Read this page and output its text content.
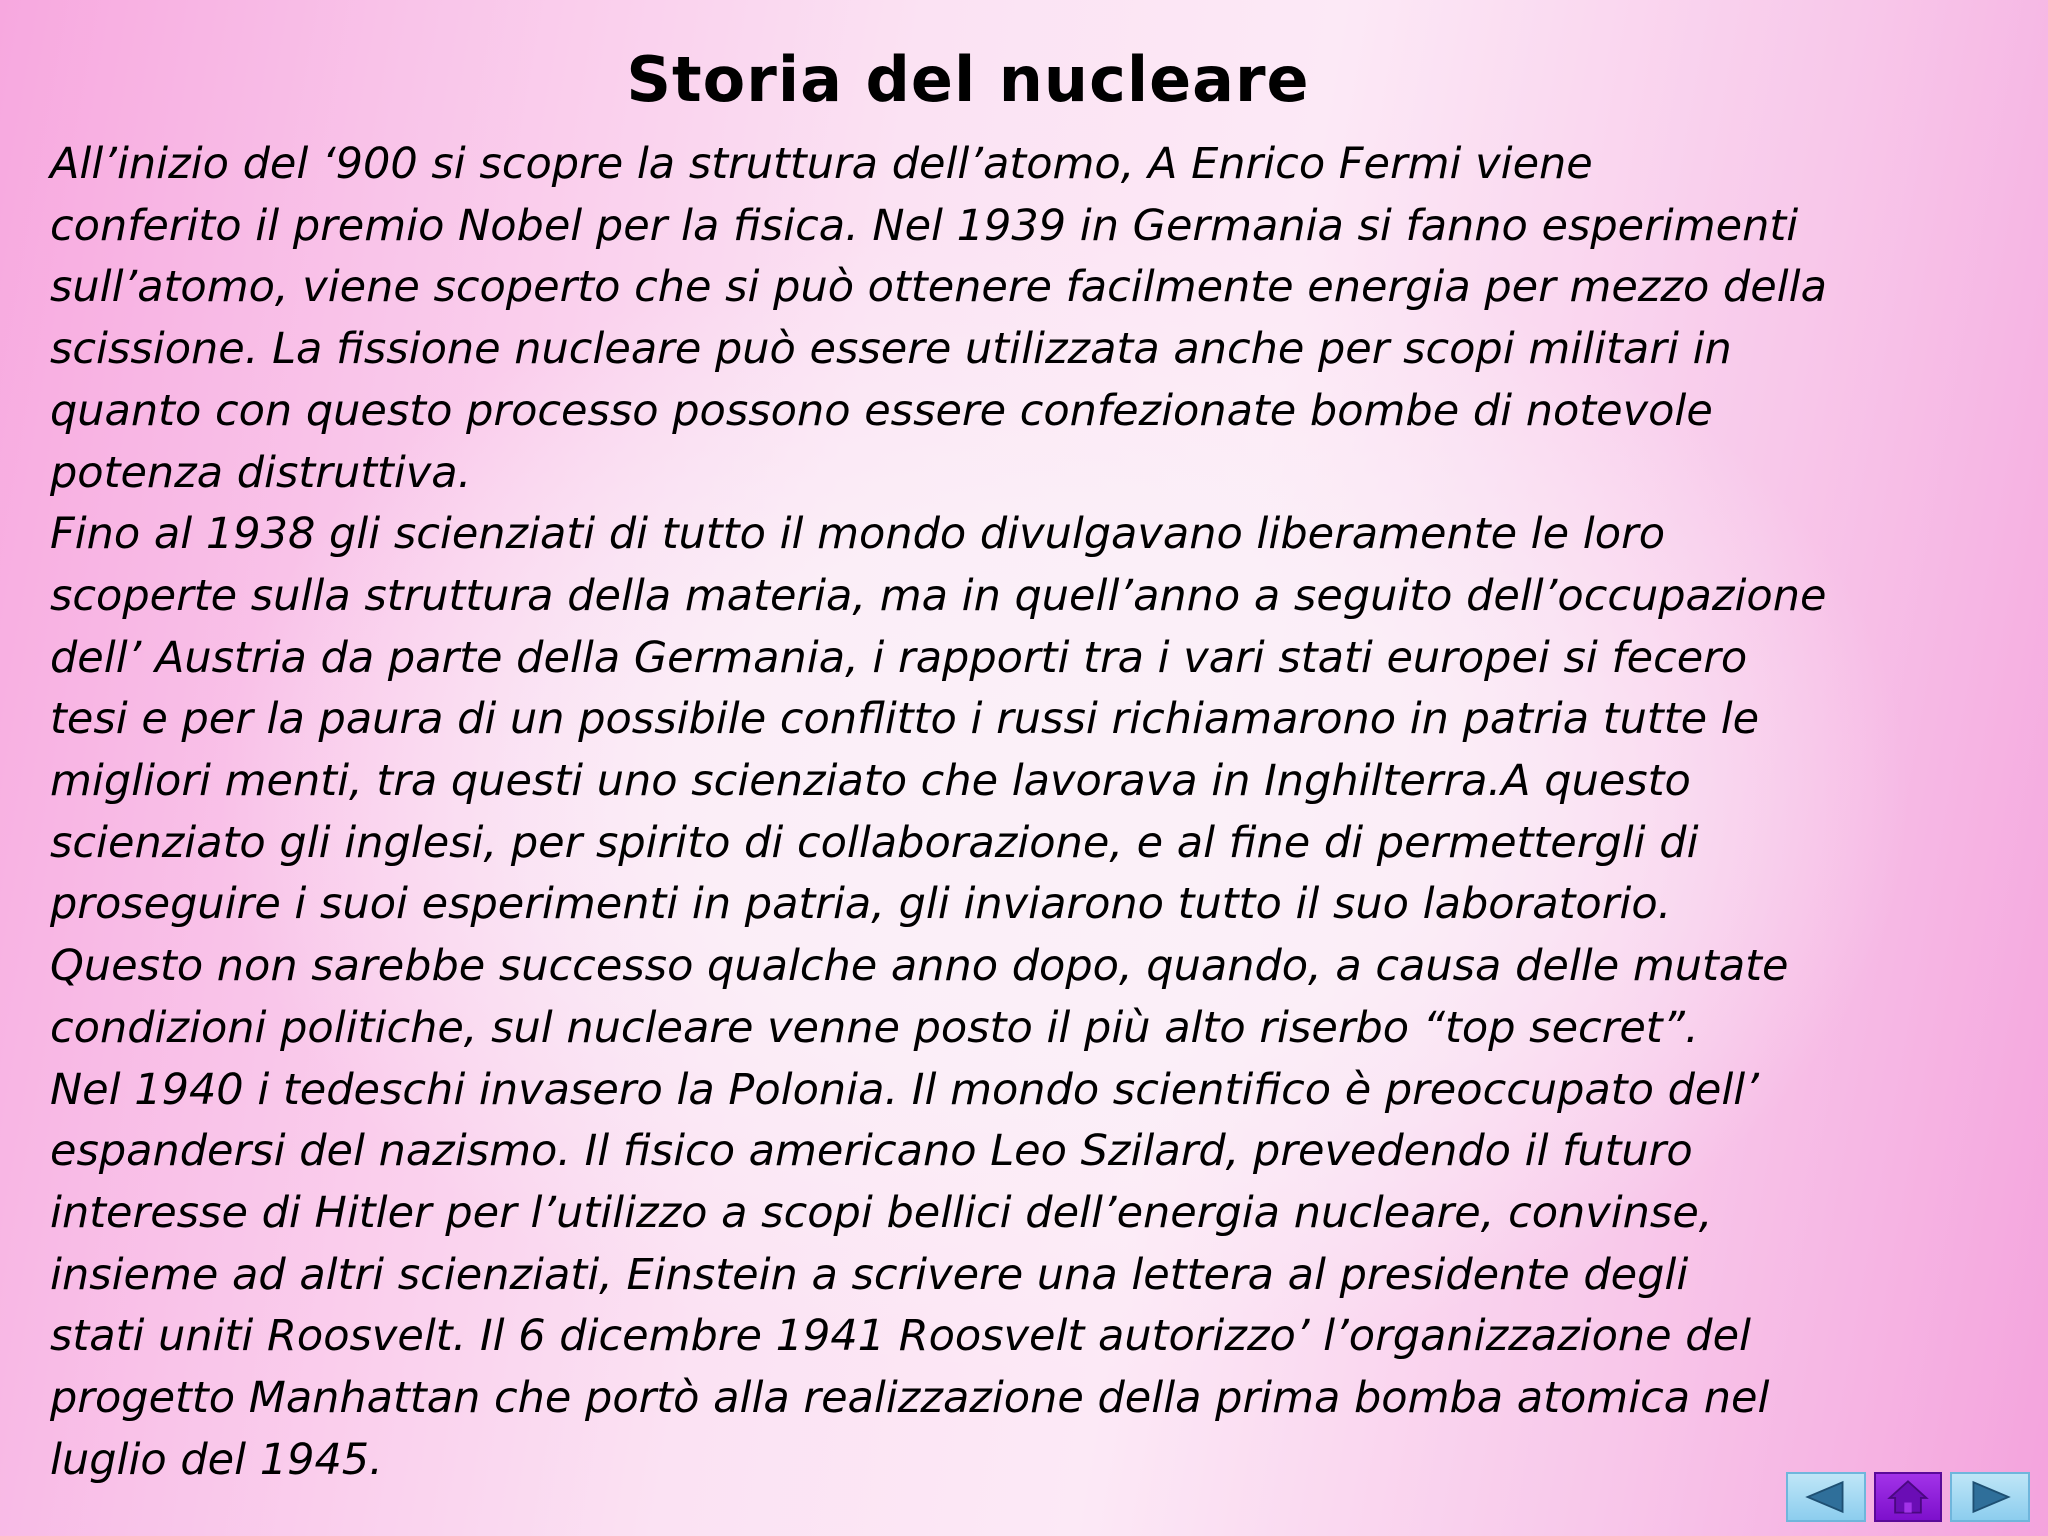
Storia del nucleare
All’inizio del ‘900 si scopre la struttura dell’atomo, A Enrico Fermi viene
conferito il premio Nobel per la fisica. Nel 1939 in Germania si fanno esperimenti
sull’atomo, viene scoperto che si può ottenere facilmente energia per mezzo della
scissione. La fissione nucleare può essere utilizzata anche per scopi militari in
quanto con questo processo possono essere confezionate bombe di notevole
potenza distruttiva.
Fino al 1938 gli scienziati di tutto il mondo divulgavano liberamente le loro
scoperte sulla struttura della materia, ma in quell’anno a seguito dell’occupazione
dell’ Austria da parte della Germania, i rapporti tra i vari stati europei si fecero
tesi e per la paura di un possibile conflitto i russi richiamarono in patria tutte le
migliori menti, tra questi uno scienziato che lavorava in Inghilterra.A questo
scienziato gli inglesi, per spirito di collaborazione, e al fine di permettergli di
proseguire i suoi esperimenti in patria, gli inviarono tutto il suo laboratorio.
Questo non sarebbe successo qualche anno dopo, quando, a causa delle mutate
condizioni politiche, sul nucleare venne posto il più alto riserbo “top secret”.
Nel 1940 i tedeschi invasero la Polonia. Il mondo scientifico è preoccupato dell’
espandersi del nazismo. Il fisico americano Leo Szilard, prevedendo il futuro
interesse di Hitler per l’utilizzo a scopi bellici dell’energia nucleare, convinse,
insieme ad altri scienziati, Einstein a scrivere una lettera al presidente degli
stati uniti Roosvelt. Il 6 dicembre 1941 Roosvelt autorizzo’ l’organizzazione del
progetto Manhattan che portò alla realizzazione della prima bomba atomica nel
luglio del 1945.
